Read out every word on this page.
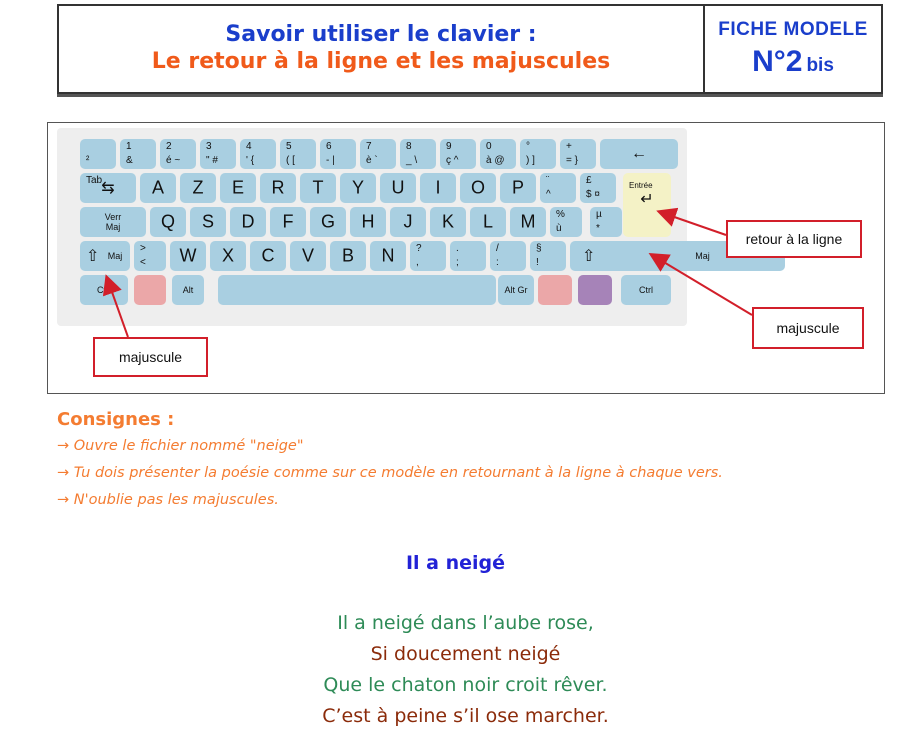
Savoir utiliser le clavier :
Le retour à la ligne et les majuscules
FICHE MODELE
N°2 bis
²
1
&
2
é ~
3
" #
4
' {
5
( [
6
- |
7
è `
8
_ \
9
ç ^
0
à @
°
) ]
+
= }	←
Tab ⇆	A	Z	E	R	T	Y	U	I	O	P	¨
^
£
$ ¤
Entrée
↵
Verr
Maj	Q	S	D	F	G	H	J	K	L	M	%
ù
µ
*
⇧ Maj
>
<	W	X	C	V	B	N	?
,
.
;
/
:
§
!	⇧	Maj
Ctrl	Alt	Alt Gr	Ctrl
retour à la ligne
majuscule
majuscule
Consignes :
→ Ouvre le fichier nommé "neige"
→ Tu dois présenter la poésie comme sur ce modèle en retournant à la ligne à chaque vers.
→ N'oublie pas les majuscules.
Il a neigé
Il a neigé dans l’aube rose,
Si doucement neigé
Que le chaton noir croit rêver.
C’est à peine s’il ose marcher.
